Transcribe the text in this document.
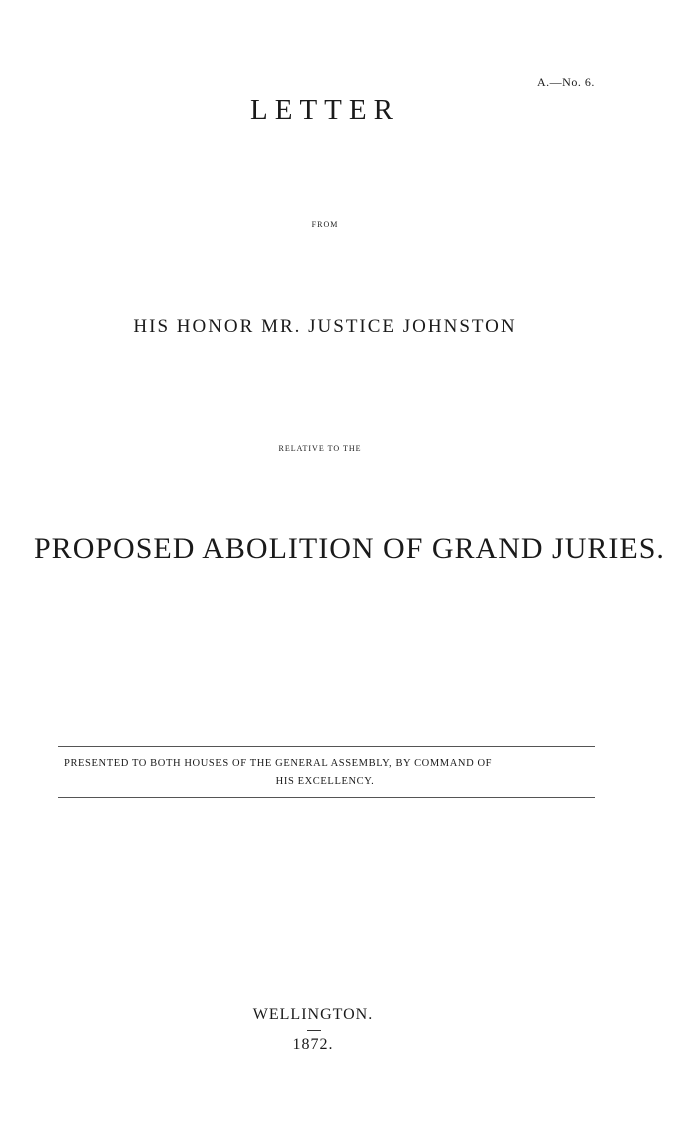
A.—No. 6.

LETTER

FROM

HIS HONOR MR. JUSTICE JOHNSTON

RELATIVE TO THE

PROPOSED ABOLITION OF GRAND JURIES.

PRESENTED TO BOTH HOUSES OF THE GENERAL ASSEMBLY, BY COMMAND OF

HIS EXCELLENCY.

WELLINGTON.

1872.
